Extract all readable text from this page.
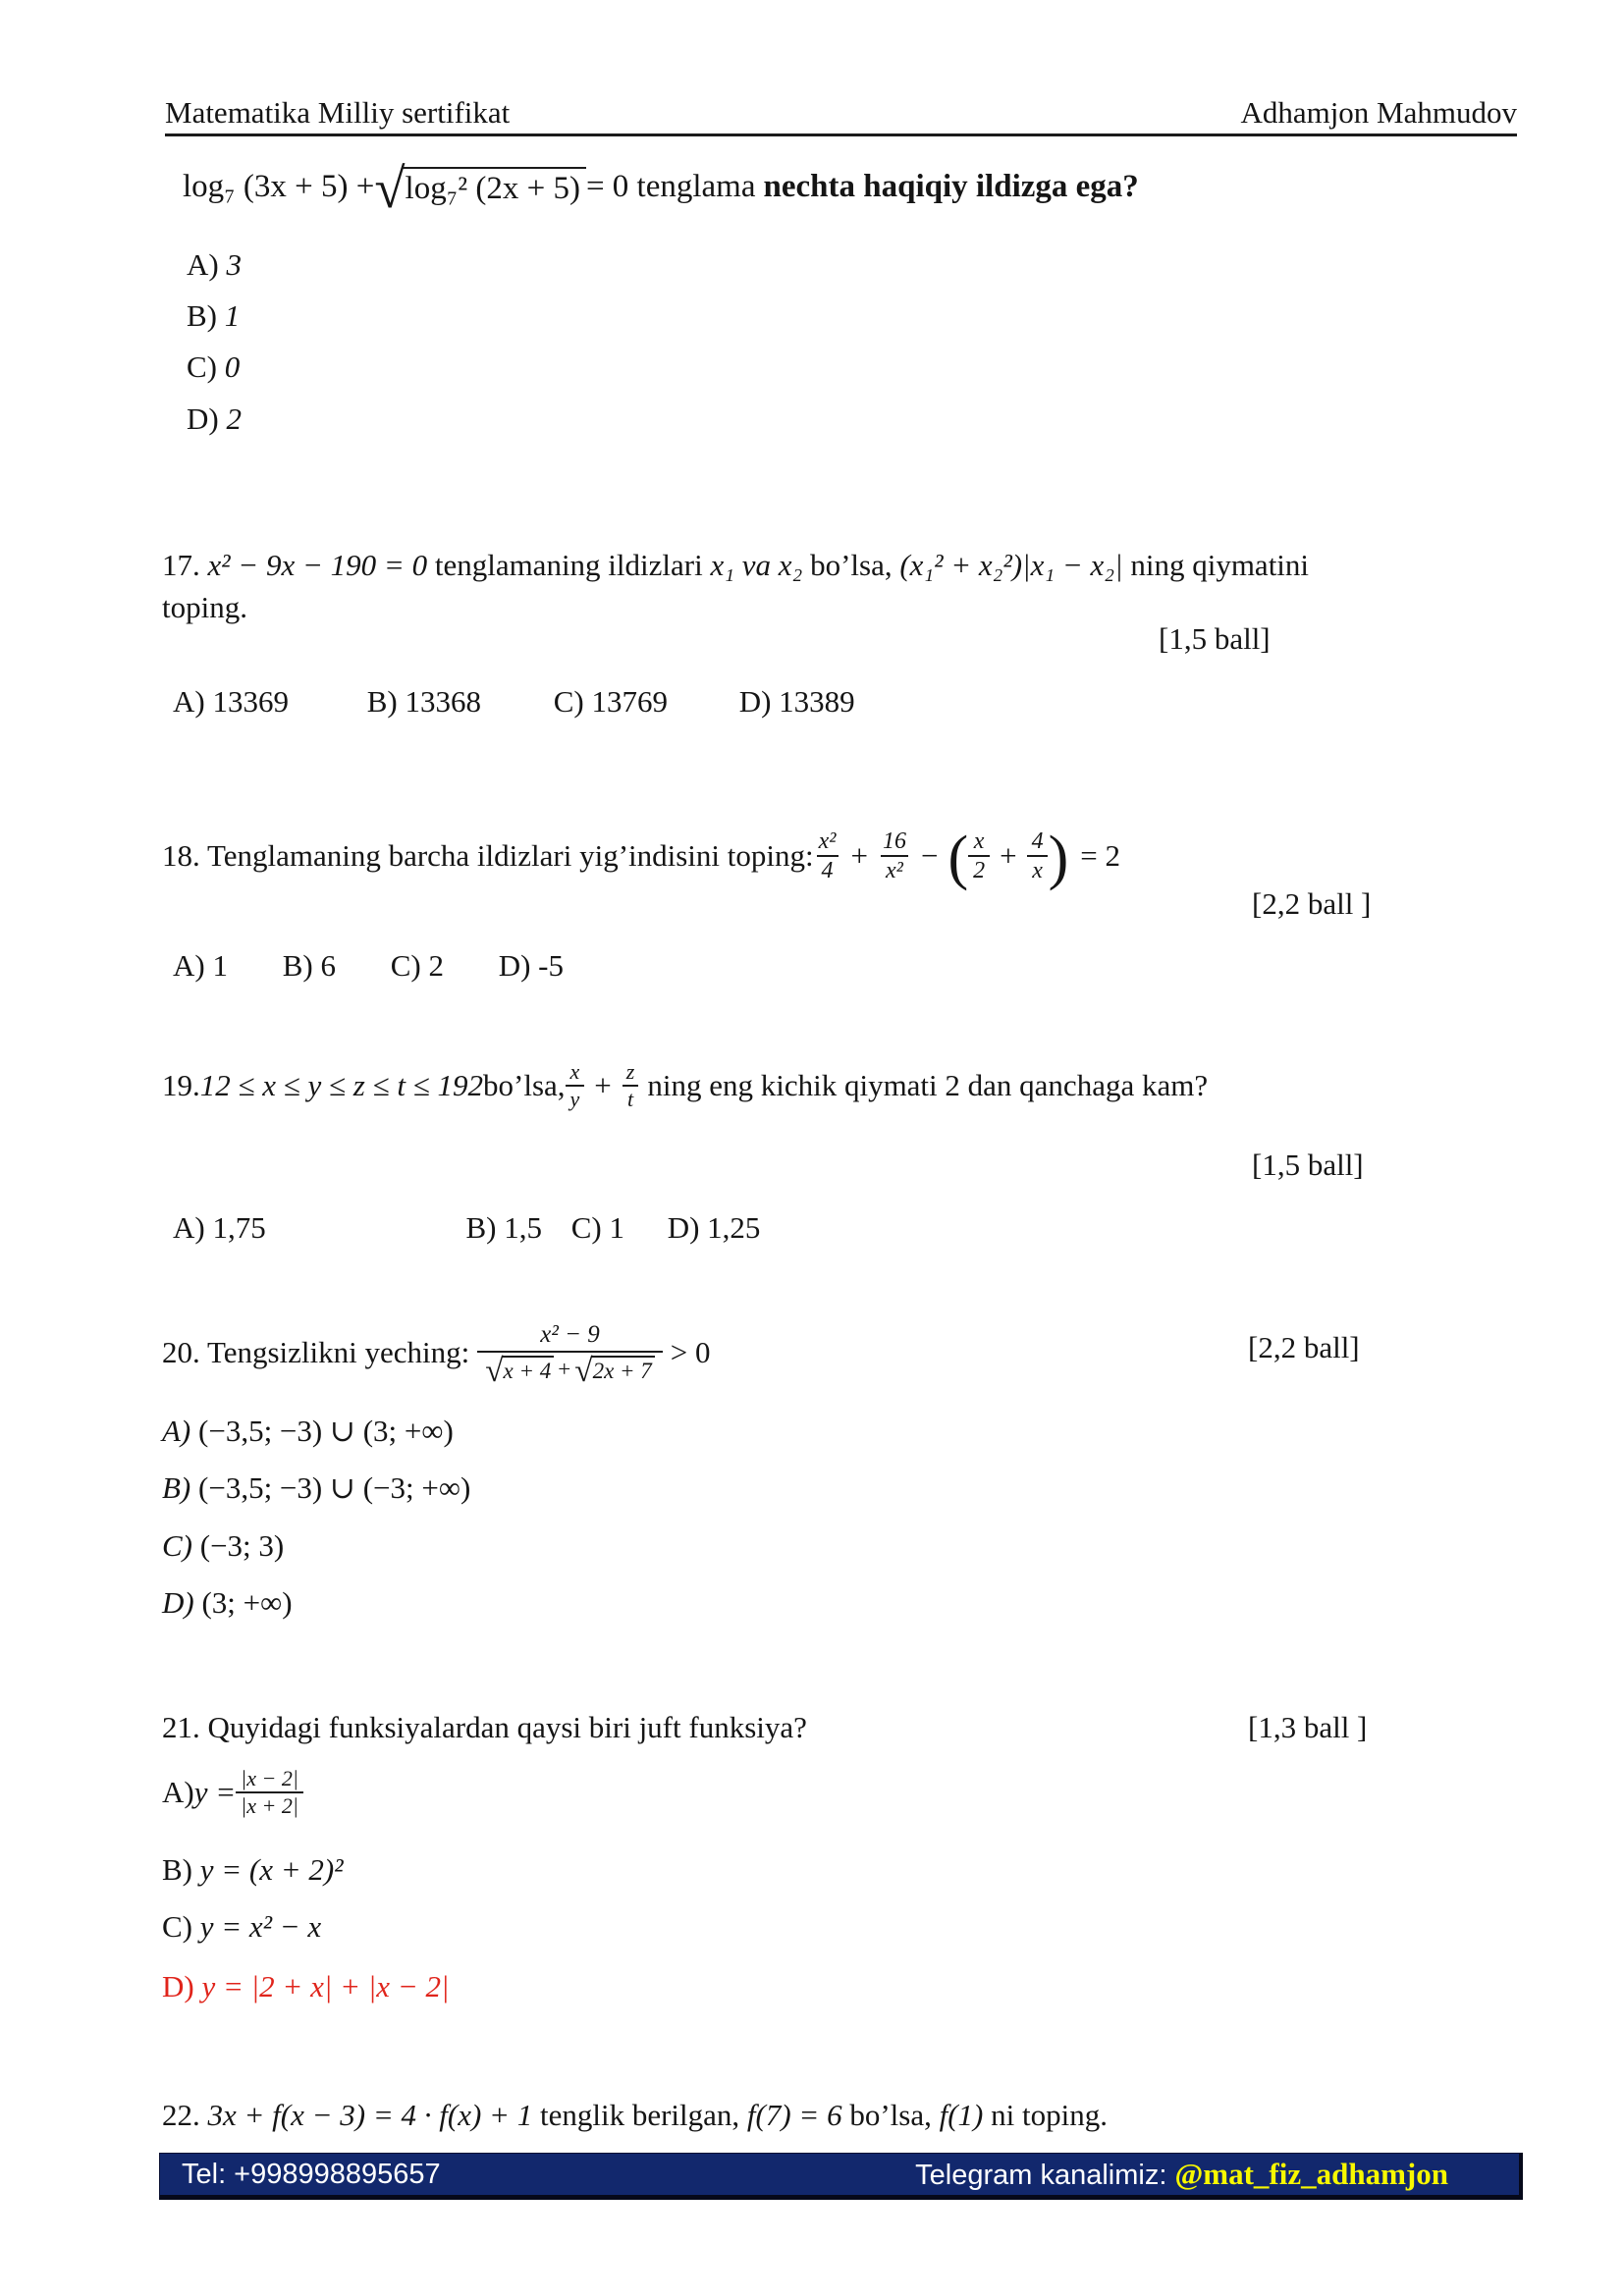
Matematika Milliy sertifikat	Adhamjon Mahmudov
log₇ (3x + 5) + √ log₇² (2x + 5) = 0 tenglama nechta haqiqiy ildizga ega?
A) 3
B) 1
C) 0
D) 2
17. x² − 9x − 190 = 0 tenglamaning ildizlari x₁ va x₂ bo’lsa, (x₁² + x₂²)|x₁ − x₂| ning qiymatini
toping.
[1,5 ball]
A) 13369	B) 13368 C) 13769 D) 13389
18. Tenglamaning barcha ildizlari yig’indisini toping: $\frac{\text{x²}}{4} + \frac{16}{\text{x²}}$ − ( $\frac{x}{2} + \frac{4}{x}$ ) = 2
[2,2 ball ]
A) 1 B) 6 C) 2 D) -5
19. 12 ≤ x ≤ y ≤ z ≤ t ≤ 192 bo’lsa, $\frac{x}{y} + \frac{z}{t}$ ning eng kichik qiymati 2 dan qanchaga kam?
[1,5 ball]
A) 1,75	B) 1,5 C) 1 D) 1,25
20. Tengsizlikni yeching:	x² − 9
√ x + 4 + √ 2x + 7
> 0	[2,2 ball]
A) (−3,5; −3) ∪ (3; +∞)
B) (−3,5; −3) ∪ (−3; +∞)
C) (−3; 3)
D) (3; +∞)
21. Quyidagi funksiyalardan qaysi biri juft funksiya?	[1,3 ball ]
A) $y = \frac{|x - 2|}{|x + 2|}$
B) y = (x + 2)²
C) y = x² − x
D) y = |2 + x| + |x − 2|
22. 3x + f(x − 3) = 4 · f(x) + 1 tenglik berilgan, f(7) = 6 bo’lsa, f(1) ni toping.
Tel: +998998895657	Telegram kanalimiz: @mat_fiz_adhamjon
